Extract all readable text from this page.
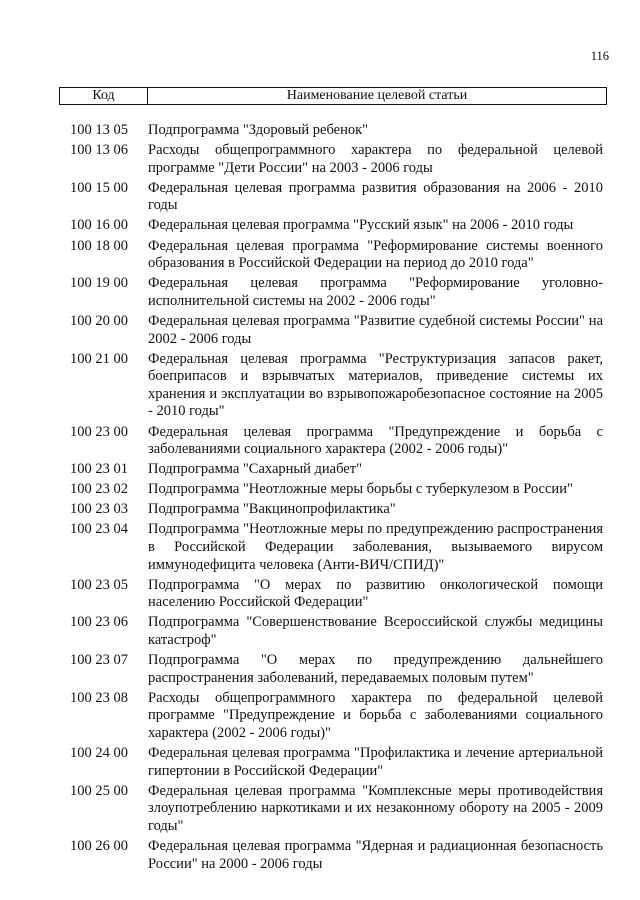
116
Код	Наименование целевой статьи
100 13 05	Подпрограмма "Здоровый ребенок"
100 13 06	Расходы общепрограммного характера по федеральной целевой программе "Дети России" на 2003 - 2006 годы
100 15 00	Федеральная целевая программа развития образования на 2006 - 2010 годы
100 16 00	Федеральная целевая программа "Русский язык" на 2006 - 2010 годы
100 18 00	Федеральная целевая программа "Реформирование системы военного образования в Российской Федерации на период до 2010 года"
100 19 00	Федеральная целевая программа "Реформирование уголовно-исполнительной системы на 2002 - 2006 годы"
100 20 00	Федеральная целевая программа "Развитие судебной системы России" на 2002 - 2006 годы
100 21 00	Федеральная целевая программа "Реструктуризация запасов ракет, боеприпасов и взрывчатых материалов, приведение системы их хранения и эксплуатации во взрывопожаробезопасное состояние на 2005 - 2010 годы"
100 23 00	Федеральная целевая программа "Предупреждение и борьба с заболеваниями социального характера (2002 - 2006 годы)"
100 23 01	Подпрограмма "Сахарный диабет"
100 23 02	Подпрограмма "Неотложные меры борьбы с туберкулезом в России"
100 23 03	Подпрограмма "Вакцинопрофилактика"
100 23 04	Подпрограмма "Неотложные меры по предупреждению распространения в Российской Федерации заболевания, вызываемого вирусом иммунодефицита человека (Анти-ВИЧ/СПИД)"
100 23 05	Подпрограмма "О мерах по развитию онкологической помощи населению Российской Федерации"
100 23 06	Подпрограмма "Совершенствование Всероссийской службы медицины катастроф"
100 23 07	Подпрограмма "О мерах по предупреждению дальнейшего распространения заболеваний, передаваемых половым путем"
100 23 08	Расходы общепрограммного характера по федеральной целевой программе "Предупреждение и борьба с заболеваниями социального характера (2002 - 2006 годы)"
100 24 00	Федеральная целевая программа "Профилактика и лечение артериальной гипертонии в Российской Федерации"
100 25 00	Федеральная целевая программа "Комплексные меры противодействия злоупотреблению наркотиками и их незаконному обороту на 2005 - 2009 годы"
100 26 00	Федеральная целевая программа "Ядерная и радиационная безопасность России" на 2000 - 2006 годы
